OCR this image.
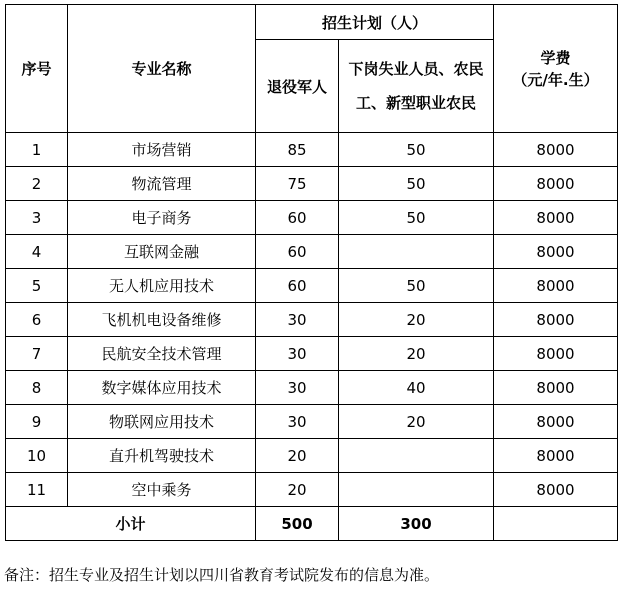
序号	专业名称	招生计划（人）		学费
（元/年.生）
		退役军人	下岗失业人员、农民
工、新型职业农民	
1	市场营销	85	50	8000
2	物流管理	75	50	8000
3	电子商务	60	50	8000
4	互联网金融	60		8000
5	无人机应用技术	60	50	8000
6	飞机机电设备维修	30	20	8000
7	民航安全技术管理	30	20	8000
8	数字媒体应用技术	30	40	8000
9	物联网应用技术	30	20	8000
10	直升机驾驶技术	20		8000
11	空中乘务	20		8000
小计		500	300	
备注：招生专业及招生计划以四川省教育考试院发布的信息为准。
